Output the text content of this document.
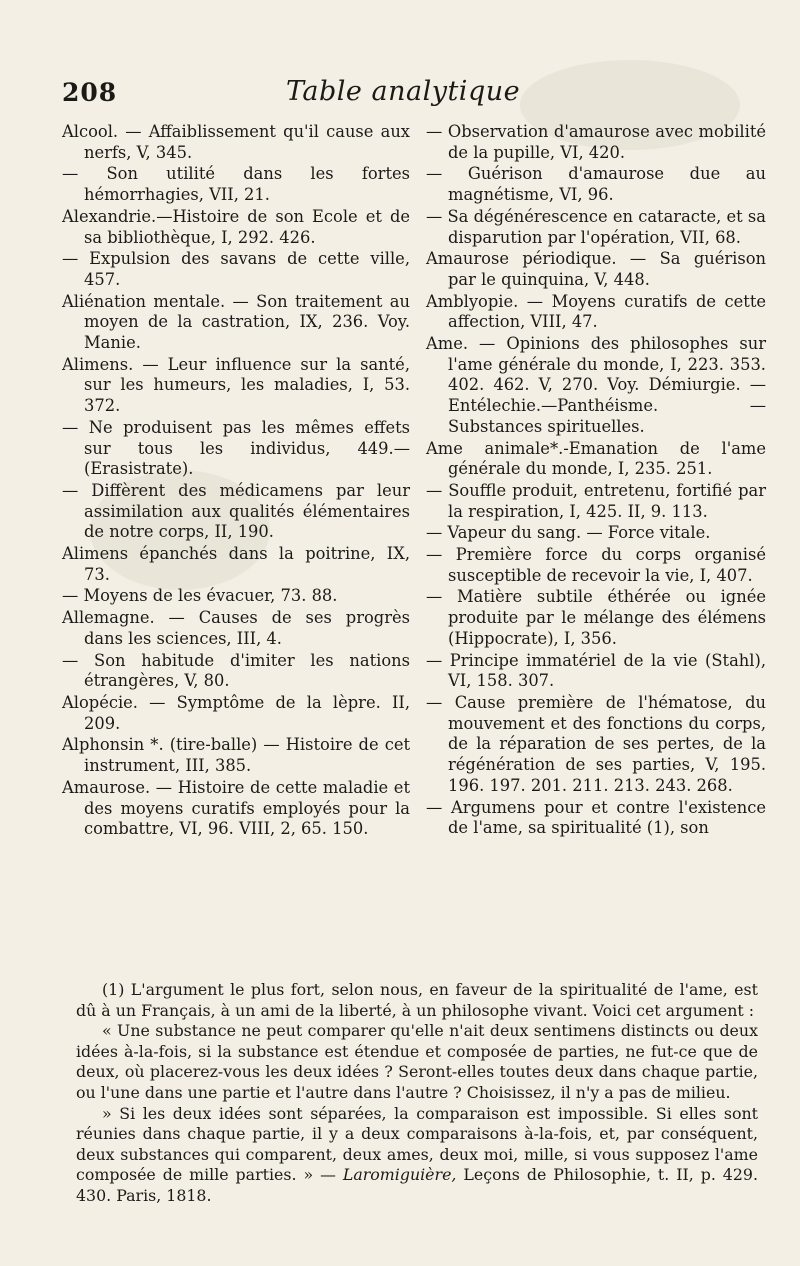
208	Table analytique

Alcool. — Affaiblissement qu'il cause aux nerfs, V, 345.

— Son utilité dans les fortes hémorrhagies, VII, 21.

Alexandrie.—Histoire de son Ecole et de sa bibliothèque, I, 292. 426.

— Expulsion des savans de cette ville, 457.

Aliénation mentale. — Son traitement au moyen de la castration, IX, 236. Voy. Manie.

Alimens. — Leur influence sur la santé, sur les humeurs, les maladies, I, 53. 372.

— Ne produisent pas les mêmes effets sur tous les individus, 449.— (Erasistrate).

— Diffèrent des médicamens par leur assimilation aux qualités élémentaires de notre corps, II, 190.

Alimens épanchés dans la poitrine, IX, 73.

— Moyens de les évacuer, 73. 88.

Allemagne. — Causes de ses progrès dans les sciences, III, 4.

— Son habitude d'imiter les nations étrangères, V, 80.

Alopécie. — Symptôme de la lèpre. II, 209.

Alphonsin *. (tire-balle) — Histoire de cet instrument, III, 385.

Amaurose. — Histoire de cette maladie et des moyens curatifs employés pour la combattre, VI, 96. VIII, 2, 65. 150.

— Observation d'amaurose avec mobilité de la pupille, VI, 420.

— Guérison d'amaurose due au magnétisme, VI, 96.

— Sa dégénérescence en cataracte, et sa disparution par l'opération, VII, 68.

Amaurose périodique. — Sa guérison par le quinquina, V, 448.

Amblyopie. — Moyens curatifs de cette affection, VIII, 47.

Ame. — Opinions des philosophes sur l'ame générale du monde, I, 223. 353. 402. 462. V, 270. Voy. Démiurgie. — Entélechie.—Panthéisme. — Substances spirituelles.

Ame animale*.-Emanation de l'ame générale du monde, I, 235. 251.

— Souffle produit, entretenu, fortifié par la respiration, I, 425. II, 9. 113.

— Vapeur du sang. — Force vitale.

— Première force du corps organisé susceptible de recevoir la vie, I, 407.

— Matière subtile éthérée ou ignée produite par le mélange des élémens (Hippocrate), I, 356.

— Principe immatériel de la vie (Stahl), VI, 158. 307.

— Cause première de l'hématose, du mouvement et des fonctions du corps, de la réparation de ses pertes, de la régénération de ses parties, V, 195. 196. 197. 201. 211. 213. 243. 268.

— Argumens pour et contre l'existence de l'ame, sa spiritualité (1), son

(1) L'argument le plus fort, selon nous, en faveur de la spiritualité de l'ame, est dû à un Français, à un ami de la liberté, à un philosophe vivant. Voici cet argument :

« Une substance ne peut comparer qu'elle n'ait deux sentimens distincts ou deux idées à-la-fois, si la substance est étendue et composée de parties, ne fut-ce que de deux, où placerez-vous les deux idées ? Seront-elles toutes deux dans chaque partie, ou l'une dans une partie et l'autre dans l'autre ? Choisissez, il n'y a pas de milieu.

» Si les deux idées sont séparées, la comparaison est impossible. Si elles sont réunies dans chaque partie, il y a deux comparaisons à-la-fois, et, par conséquent, deux substances qui comparent, deux ames, deux moi, mille, si vous supposez l'ame composée de mille parties. » — Laromiguière, Leçons de Philosophie, t. II, p. 429. 430. Paris, 1818.
